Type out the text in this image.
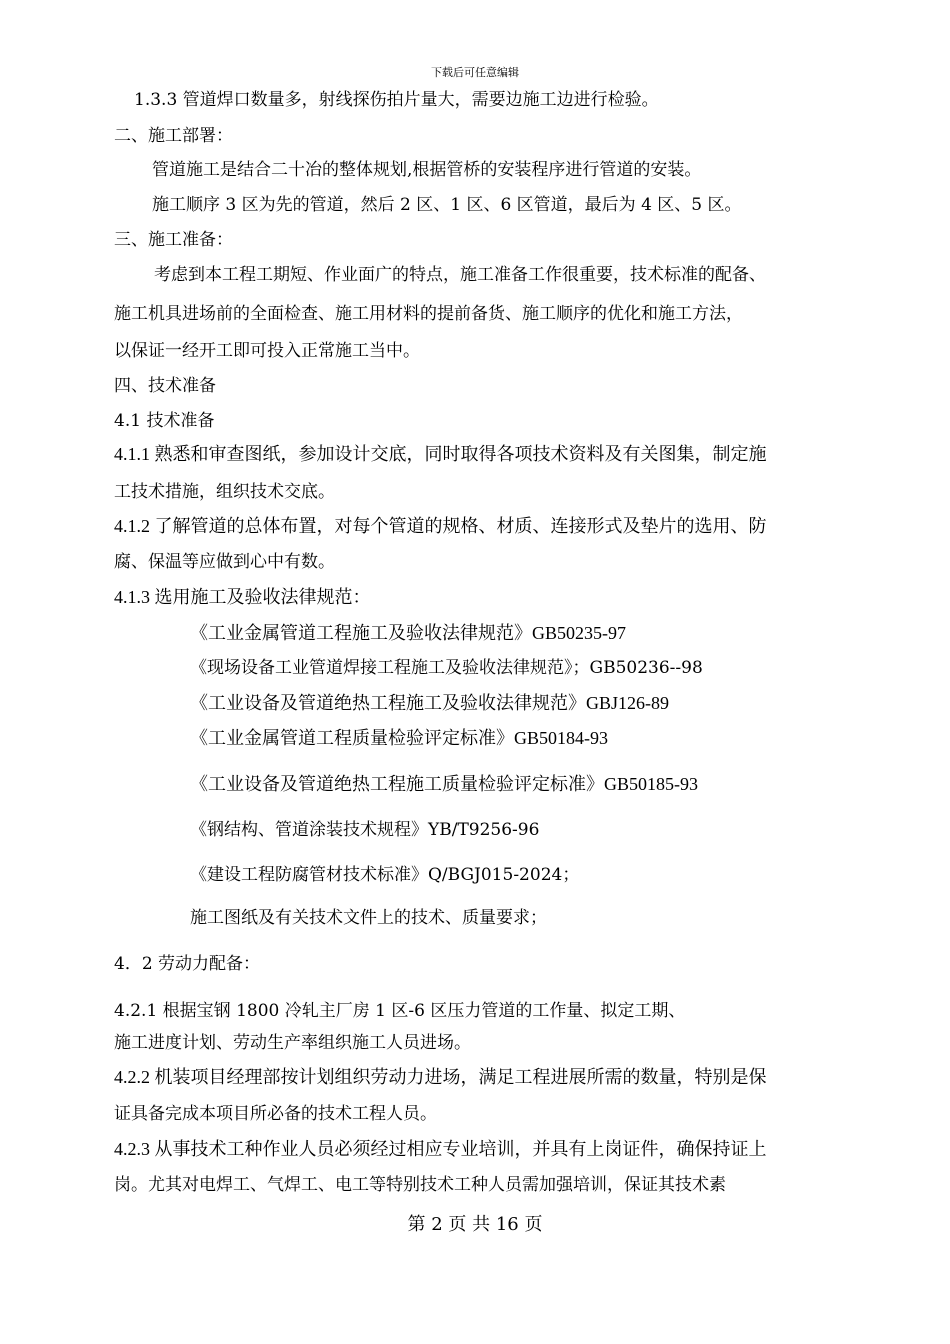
下载后可任意编辑
1.3.3 管道焊口数量多，射线探伤拍片量大，需要边施工边进行检验。
二、施工部署：
管道施工是结合二十冶的整体规划,根据管桥的安装程序进行管道的安装。
施工顺序 3 区为先的管道，然后 2 区、1 区、6 区管道，最后为 4 区、5 区。
三、施工准备：
考虑到本工程工期短、作业面广的特点，施工准备工作很重要，技术标准的配备、
施工机具进场前的全面检查、施工用材料的提前备货、施工顺序的优化和施工方法，
以保证一经开工即可投入正常施工当中。
四、技术准备
4.1 技术准备
4.1.1 熟悉和审查图纸，参加设计交底，同时取得各项技术资料及有关图集，制定施
工技术措施，组织技术交底。
4.1.2 了解管道的总体布置，对每个管道的规格、材质、连接形式及垫片的选用、防
腐、保温等应做到心中有数。
4.1.3 选用施工及验收法律规范：
《工业金属管道工程施工及验收法律规范》GB50235-97
《现场设备工业管道焊接工程施工及验收法律规范》；GB50236--98
《工业设备及管道绝热工程施工及验收法律规范》GBJ126-89
《工业金属管道工程质量检验评定标准》GB50184-93
《工业设备及管道绝热工程施工质量检验评定标准》GB50185-93
《钢结构、管道涂装技术规程》YB/T9256-96
《建设工程防腐管材技术标准》Q/BGJ015-2024；
施工图纸及有关技术文件上的技术、质量要求；
4．2 劳动力配备：
4.2.1 根据宝钢 1800 冷轧主厂房 1 区-6 区压力管道的工作量、拟定工期、
施工进度计划、劳动生产率组织施工人员进场。
4.2.2 机装项目经理部按计划组织劳动力进场，满足工程进展所需的数量，特别是保
证具备完成本项目所必备的技术工程人员。
4.2.3 从事技术工种作业人员必须经过相应专业培训，并具有上岗证件，确保持证上
岗。尤其对电焊工、气焊工、电工等特别技术工种人员需加强培训，保证其技术素
第 2 页 共 16 页
